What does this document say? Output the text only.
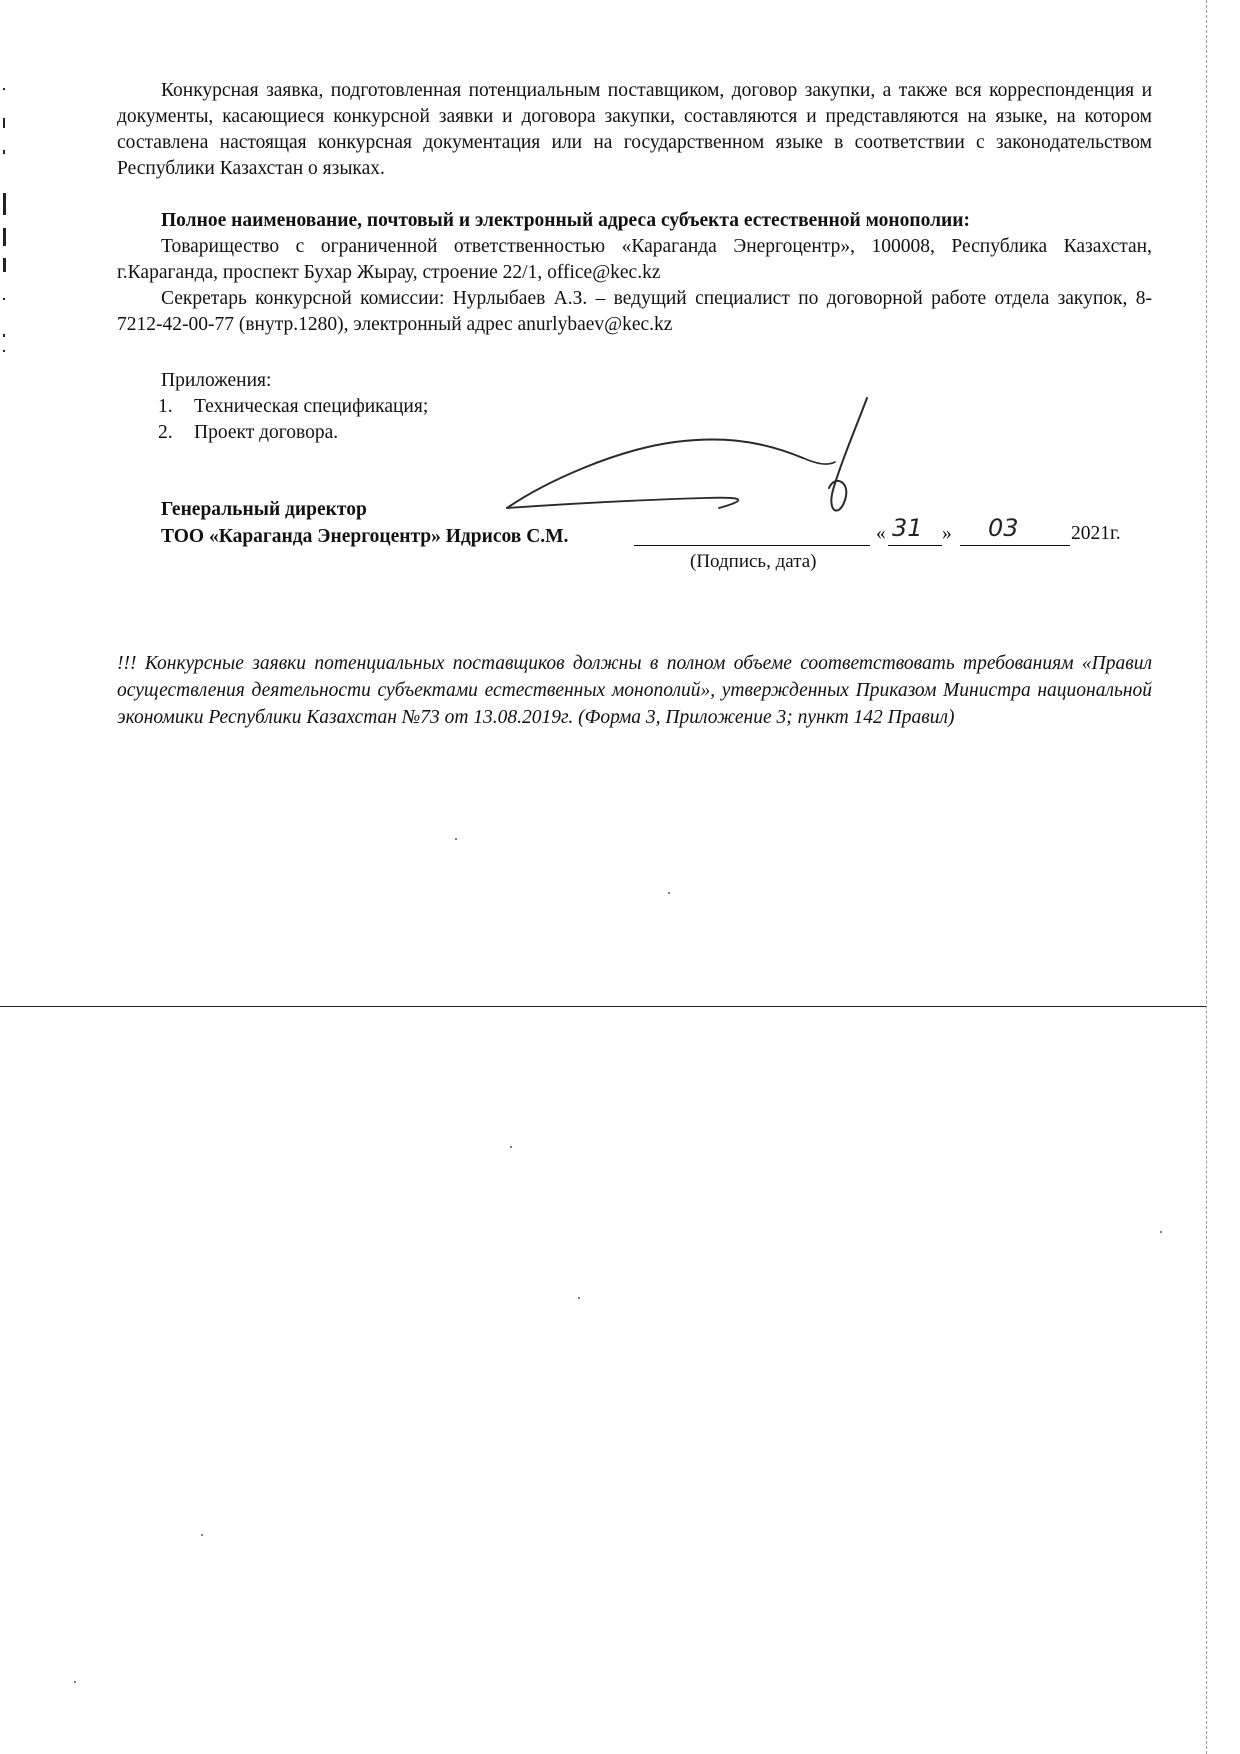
Конкурсная заявка, подготовленная потенциальным поставщиком, договор закупки, а также вся корреспонденция и документы, касающиеся конкурсной заявки и договора закупки, составляются и представляются на языке, на котором составлена настоящая конкурсная документация или на государственном языке в соответствии с законодательством Республики Казахстан о языках.

Полное наименование, почтовый и электронный адреса субъекта естественной монополии:

Товарищество с ограниченной ответственностью «Караганда Энергоцентр», 100008, Республика Казахстан, г.Караганда, проспект Бухар Жырау, строение 22/1, office@kec.kz

Секретарь конкурсной комиссии: Нурлыбаев А.З. – ведущий специалист по договорной работе отдела закупок, 8-7212-42-00-77 (внутр.1280), электронный адрес anurlybaev@kec.kz

Приложения:
1.	Техническая спецификация;
2.	Проект договора.
Генеральный директор
ТОО «Караганда Энергоцентр» Идрисов С.М.	« 31 » 03	2021г.
(Подпись, дата)
!!! Конкурсные заявки потенциальных поставщиков должны в полном объеме соответствовать требованиям «Правил осуществления деятельности субъектами естественных монополий», утвержденных Приказом Министра национальной экономики Республики Казахстан №73 от 13.08.2019г. (Форма 3, Приложение 3; пункт 142 Правил)
